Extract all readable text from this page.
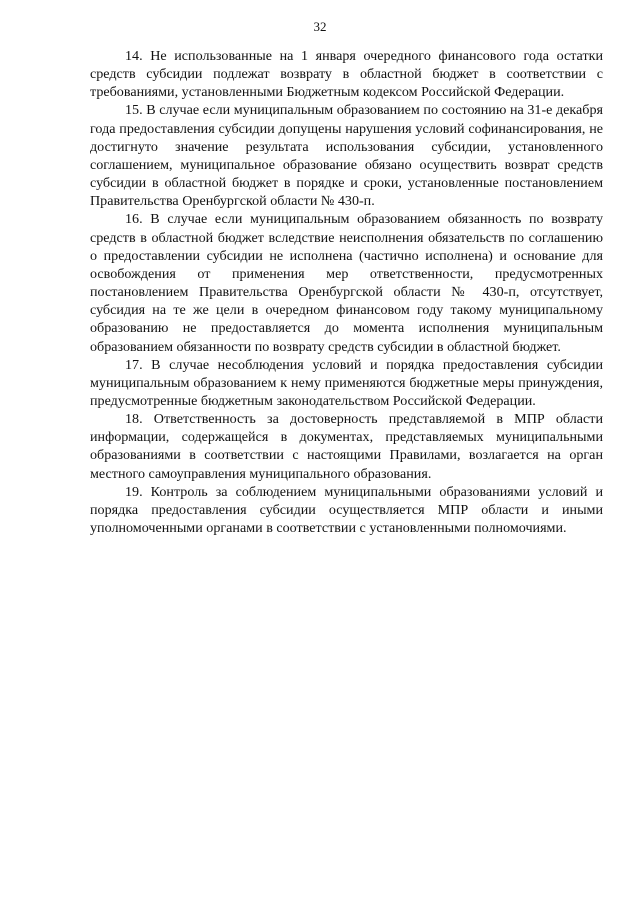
32

14. Не использованные на 1 января очередного финансового года остатки средств субсидии подлежат возврату в областной бюджет в соответствии с требованиями, установленными Бюджетным кодексом Российской Федерации.

15. В случае если муниципальным образованием по состоянию на 31-е декабря года предоставления субсидии допущены нарушения условий софинансирования, не достигнуто значение результата использования субсидии, установленного соглашением, муниципальное образование обязано осуществить возврат средств субсидии в областной бюджет в порядке и сроки, установленные постановлением Правительства Оренбургской области № 430-п.

16. В случае если муниципальным образованием обязанность по возврату средств в областной бюджет вследствие неисполнения обязательств по соглашению о предоставлении субсидии не исполнена (частично исполнена) и основание для освобождения от применения мер ответственности, предусмотренных постановлением Правительства Оренбургской области № 430-п, отсутствует, субсидия на те же цели в очередном финансовом году такому муниципальному образованию не предоставляется до момента исполнения муниципальным образованием обязанности по возврату средств субсидии в областной бюджет.

17. В случае несоблюдения условий и порядка предоставления субсидии муниципальным образованием к нему применяются бюджетные меры принуждения, предусмотренные бюджетным законодательством Российской Федерации.

18. Ответственность за достоверность представляемой в МПР области информации, содержащейся в документах, представляемых муниципальными образованиями в соответствии с настоящими Правилами, возлагается на орган местного самоуправления муниципального образования.

19. Контроль за соблюдением муниципальными образованиями условий и порядка предоставления субсидии осуществляется МПР области и иными уполномоченными органами в соответствии с установленными полномочиями.
